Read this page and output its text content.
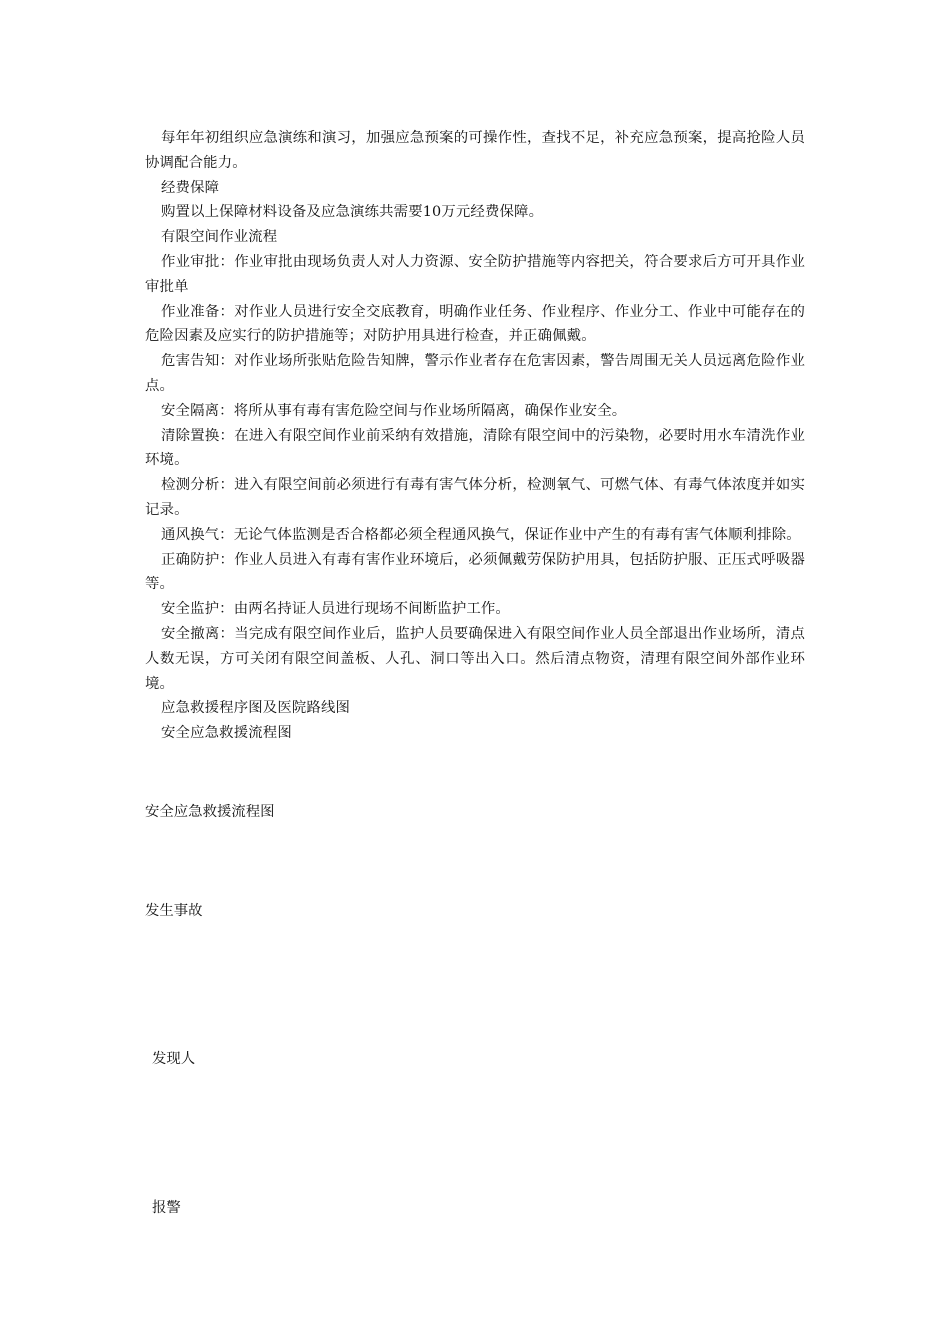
每年年初组织应急演练和演习，加强应急预案的可操作性，查找不足，补充应急预案，提高抢险人员协调配合能力。

经费保障

购置以上保障材料设备及应急演练共需要10万元经费保障。

有限空间作业流程

作业审批：作业审批由现场负责人对人力资源、安全防护措施等内容把关，符合要求后方可开具作业审批单

作业准备：对作业人员进行安全交底教育，明确作业任务、作业程序、作业分工、作业中可能存在的危险因素及应实行的防护措施等；对防护用具进行检查，并正确佩戴。

危害告知：对作业场所张贴危险告知牌，警示作业者存在危害因素，警告周围无关人员远离危险作业点。

安全隔离：将所从事有毒有害危险空间与作业场所隔离，确保作业安全。

清除置换：在进入有限空间作业前采纳有效措施，清除有限空间中的污染物，必要时用水车清洗作业环境。

检测分析：进入有限空间前必须进行有毒有害气体分析，检测氧气、可燃气体、有毒气体浓度并如实记录。

通风换气：无论气体监测是否合格都必须全程通风换气，保证作业中产生的有毒有害气体顺利排除。

正确防护：作业人员进入有毒有害作业环境后，必须佩戴劳保防护用具，包括防护服、正压式呼吸器等。

安全监护：由两名持证人员进行现场不间断监护工作。

安全撤离：当完成有限空间作业后，监护人员要确保进入有限空间作业人员全部退出作业场所，清点人数无误，方可关闭有限空间盖板、人孔、洞口等出入口。然后清点物资，清理有限空间外部作业环境。

应急救援程序图及医院路线图

安全应急救援流程图

安全应急救援流程图

发生事故

发现人

报警
